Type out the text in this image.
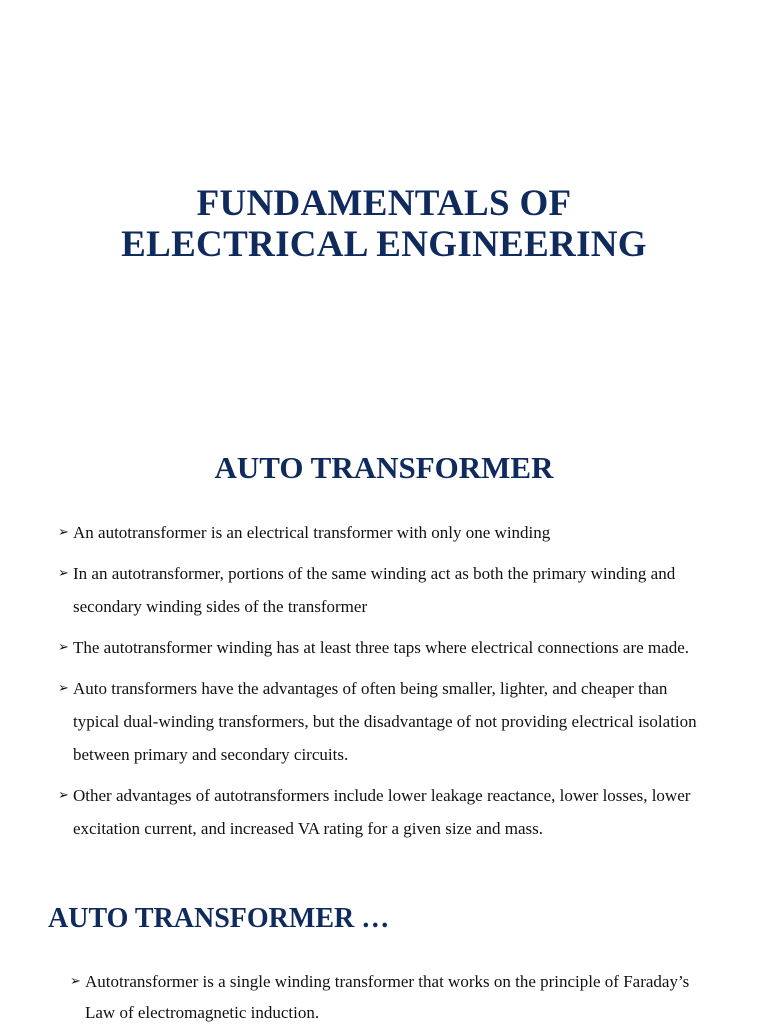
FUNDAMENTALS OF
ELECTRICAL ENGINEERING
AUTO TRANSFORMER
➢ An autotransformer is an electrical transformer with only one winding
➢ In an autotransformer, portions of the same winding act as both the primary winding and secondary winding sides of the transformer
➢ The autotransformer winding has at least three taps where electrical connections are made.
➢ Auto transformers have the advantages of often being smaller, lighter, and cheaper than typical dual-winding transformers, but the disadvantage of not providing electrical isolation between primary and secondary circuits.
➢ Other advantages of autotransformers include lower leakage reactance, lower losses, lower excitation current, and increased VA rating for a given size and mass.
AUTO TRANSFORMER …
➢ Autotransformer is a single winding transformer that works on the principle of Faraday’s Law of electromagnetic induction.
